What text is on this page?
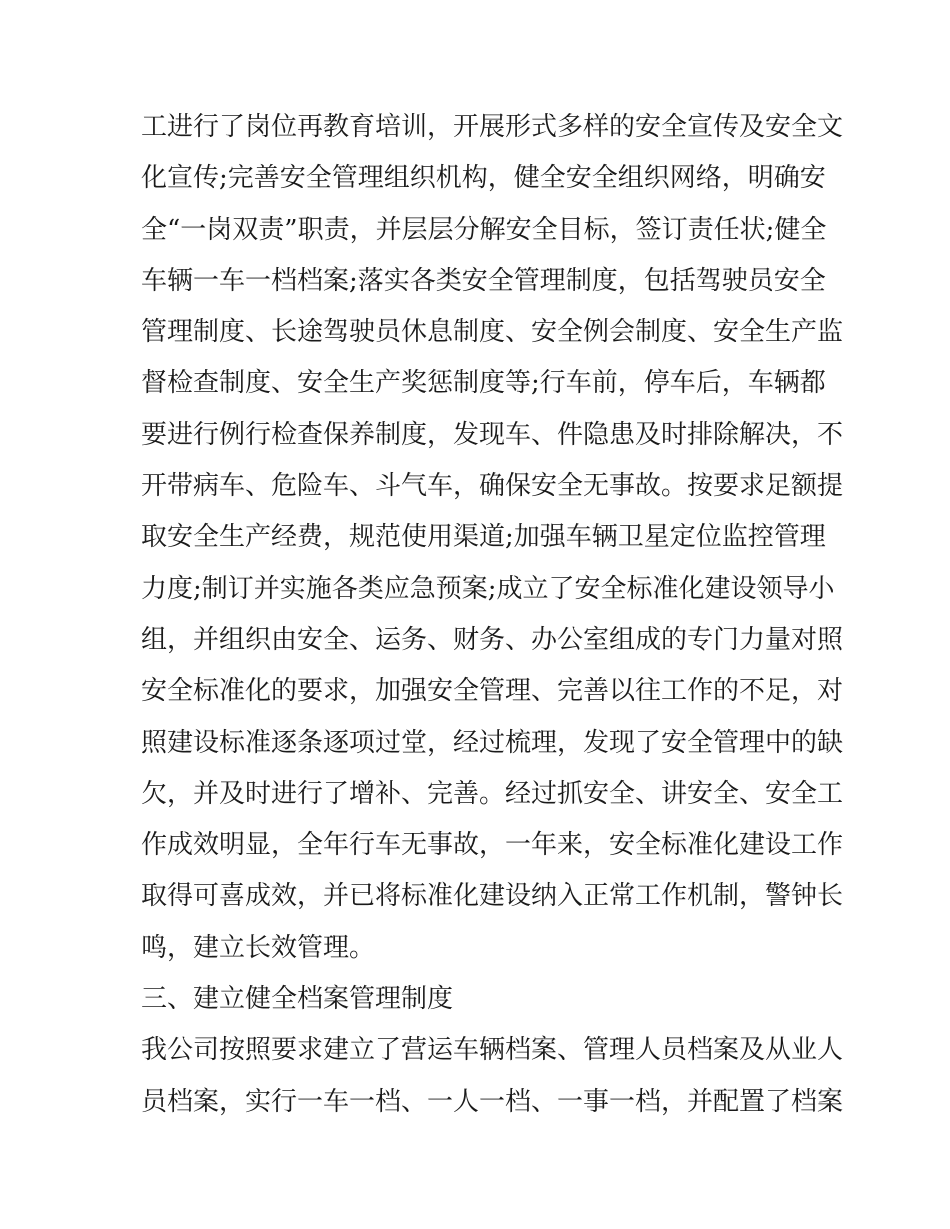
工进行了岗位再教育培训，开展形式多样的安全宣传及安全文
化宣传;完善安全管理组织机构，健全安全组织网络，明确安
全“一岗双责”职责，并层层分解安全目标，签订责任状;健全
车辆一车一档档案;落实各类安全管理制度，包括驾驶员安全
管理制度、长途驾驶员休息制度、安全例会制度、安全生产监
督检查制度、安全生产奖惩制度等;行车前，停车后，车辆都
要进行例行检查保养制度，发现车、件隐患及时排除解决，不
开带病车、危险车、斗气车，确保安全无事故。按要求足额提
取安全生产经费，规范使用渠道;加强车辆卫星定位监控管理
力度;制订并实施各类应急预案;成立了安全标准化建设领导小
组，并组织由安全、运务、财务、办公室组成的专门力量对照
安全标准化的要求，加强安全管理、完善以往工作的不足，对
照建设标准逐条逐项过堂，经过梳理，发现了安全管理中的缺
欠，并及时进行了增补、完善。经过抓安全、讲安全、安全工
作成效明显，全年行车无事故，一年来，安全标准化建设工作
取得可喜成效，并已将标准化建设纳入正常工作机制，警钟长
鸣，建立长效管理。
三、建立健全档案管理制度
我公司按照要求建立了营运车辆档案、管理人员档案及从业人
员档案，实行一车一档、一人一档、一事一档，并配置了档案
